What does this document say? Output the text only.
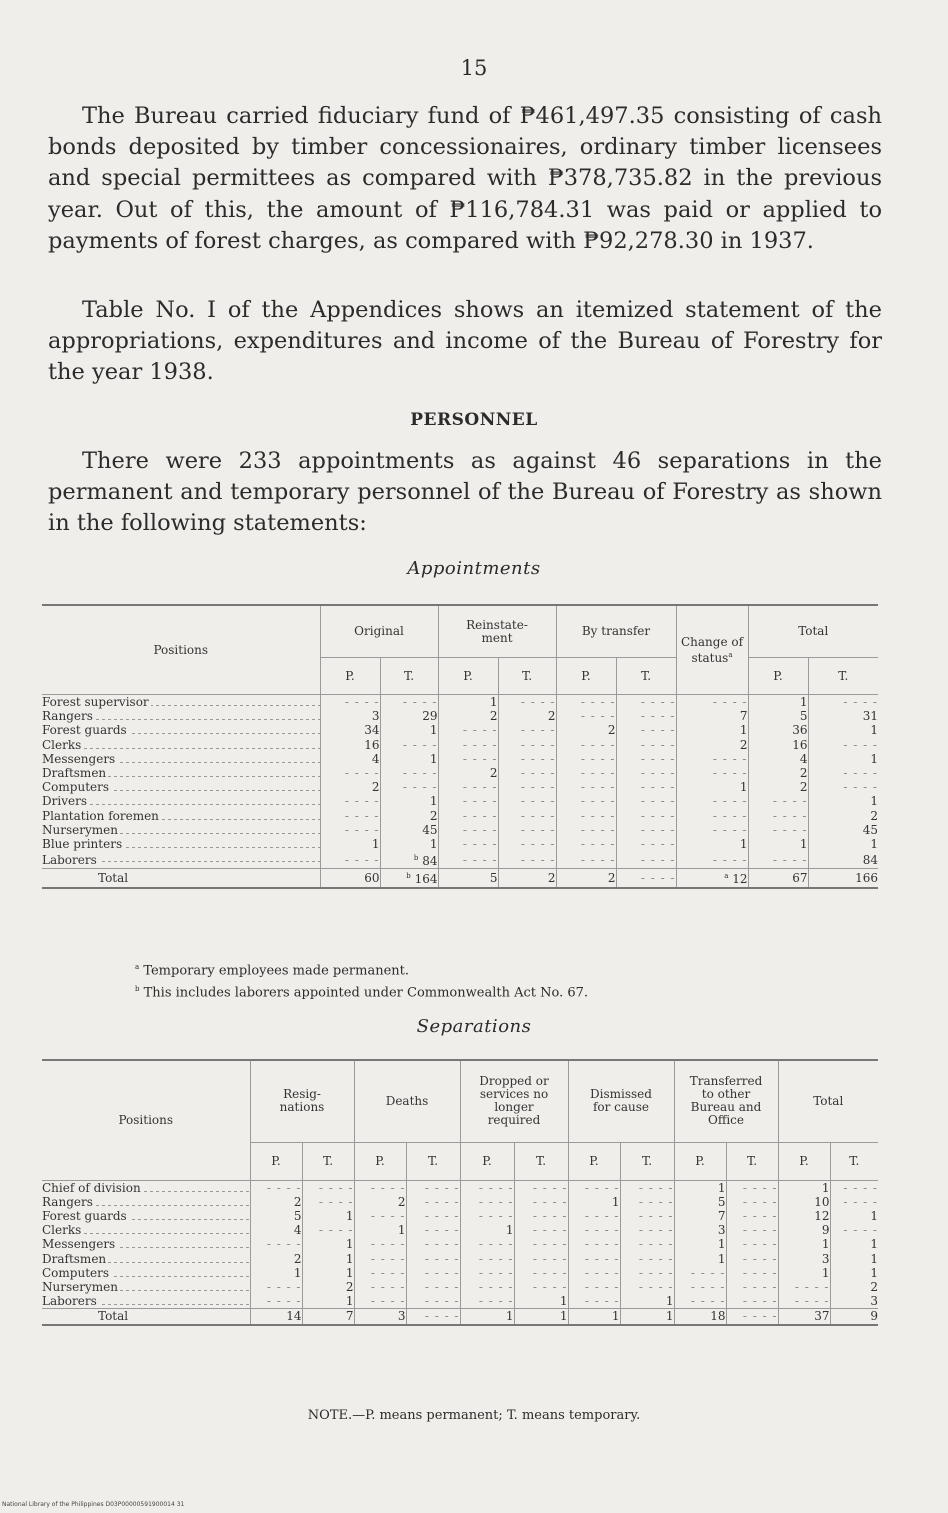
15

The Bureau carried fiduciary fund of ₱461,497.35 consisting of cash bonds deposited by timber concessionaires, ordinary timber licensees and special permittees as compared with ₱378,735.82 in the previous year. Out of this, the amount of ₱116,784.31 was paid or applied to payments of forest charges, as compared with ₱92,278.30 in 1937.

Table No. I of the Appendices shows an itemized statement of the appropriations, expenditures and income of the Bureau of Forestry for the year 1938.

PERSONNEL

There were 233 appointments as against 46 separations in the permanent and temporary personnel of the Bureau of Forestry as shown in the following statements:

Appointments
Positions	Original		Reinstate- ment		By transfer		Change of status$^a$	Total	
	P.	T.	P.	T.	P.	T.		P.	T.
Forest supervisor	- - - -	- - - -	1	- - - -	- - - -	- - - -	- - - -	1	- - - -
Rangers	3	29	2	2	- - - -	- - - -	7	5	31
Forest guards	34	1	- - - -	- - - -	2	- - - -	1	36	1
Clerks	16	- - - -	- - - -	- - - -	- - - -	- - - -	2	16	- - - -
Messengers	4	1	- - - -	- - - -	- - - -	- - - -	- - - -	4	1
Draftsmen	- - - -	- - - -	2	- - - -	- - - -	- - - -	- - - -	2	- - - -
Computers	2	- - - -	- - - -	- - - -	- - - -	- - - -	1	2	- - - -
Drivers	- - - -	1	- - - -	- - - -	- - - -	- - - -	- - - -	- - - -	1
Plantation foremen	- - - -	2	- - - -	- - - -	- - - -	- - - -	- - - -	- - - -	2
Nurserymen	- - - -	45	- - - -	- - - -	- - - -	- - - -	- - - -	- - - -	45
Blue printers	1	1	- - - -	- - - -	- - - -	- - - -	1	1	1
Laborers	- - - -	$^b$ 84	- - - -	- - - -	- - - -	- - - -	- - - -	- - - -	84
Total	60	$^b$ 164	5	2	2	- - - -	$^a$ 12	67	166
$^a$ Temporary employees made permanent.
$^b$ This includes laborers appointed under Commonwealth Act No. 67.
Separations
Positions	Resig- nations		Deaths		Dropped or services no longer required		Dismissed for cause		Transferred to other Bureau and Office		Total	
	P.	T.	P.	T.	P.	T.	P.	T.	P.	T.	P.	T.
Chief of division	- - - -	- - - -	- - - -	- - - -	- - - -	- - - -	- - - -	- - - -	1	- - - -	1	- - - -
Rangers	2	- - - -	2	- - - -	- - - -	- - - -	1	- - - -	5	- - - -	10	- - - -
Forest guards	5	1	- - - -	- - - -	- - - -	- - - -	- - - -	- - - -	7	- - - -	12	1
Clerks	4	- - - -	1	- - - -	1	- - - -	- - - -	- - - -	3	- - - -	9	- - - -
Messengers	- - - -	1	- - - -	- - - -	- - - -	- - - -	- - - -	- - - -	1	- - - -	1	1
Draftsmen	2	1	- - - -	- - - -	- - - -	- - - -	- - - -	- - - -	1	- - - -	3	1
Computers	1	1	- - - -	- - - -	- - - -	- - - -	- - - -	- - - -	- - - -	- - - -	1	1
Nurserymen	- - - -	2	- - - -	- - - -	- - - -	- - - -	- - - -	- - - -	- - - -	- - - -	- - - -	2
Laborers	- - - -	1	- - - -	- - - -	- - - -	1	- - - -	1	- - - -	- - - -	- - - -	3
Total	14	7	3	- - - -	1	1	1	1	18	- - - -	37	9
NOTE.—P. means permanent; T. means temporary.
National Library of the Philippines D03P00000591900014 31
